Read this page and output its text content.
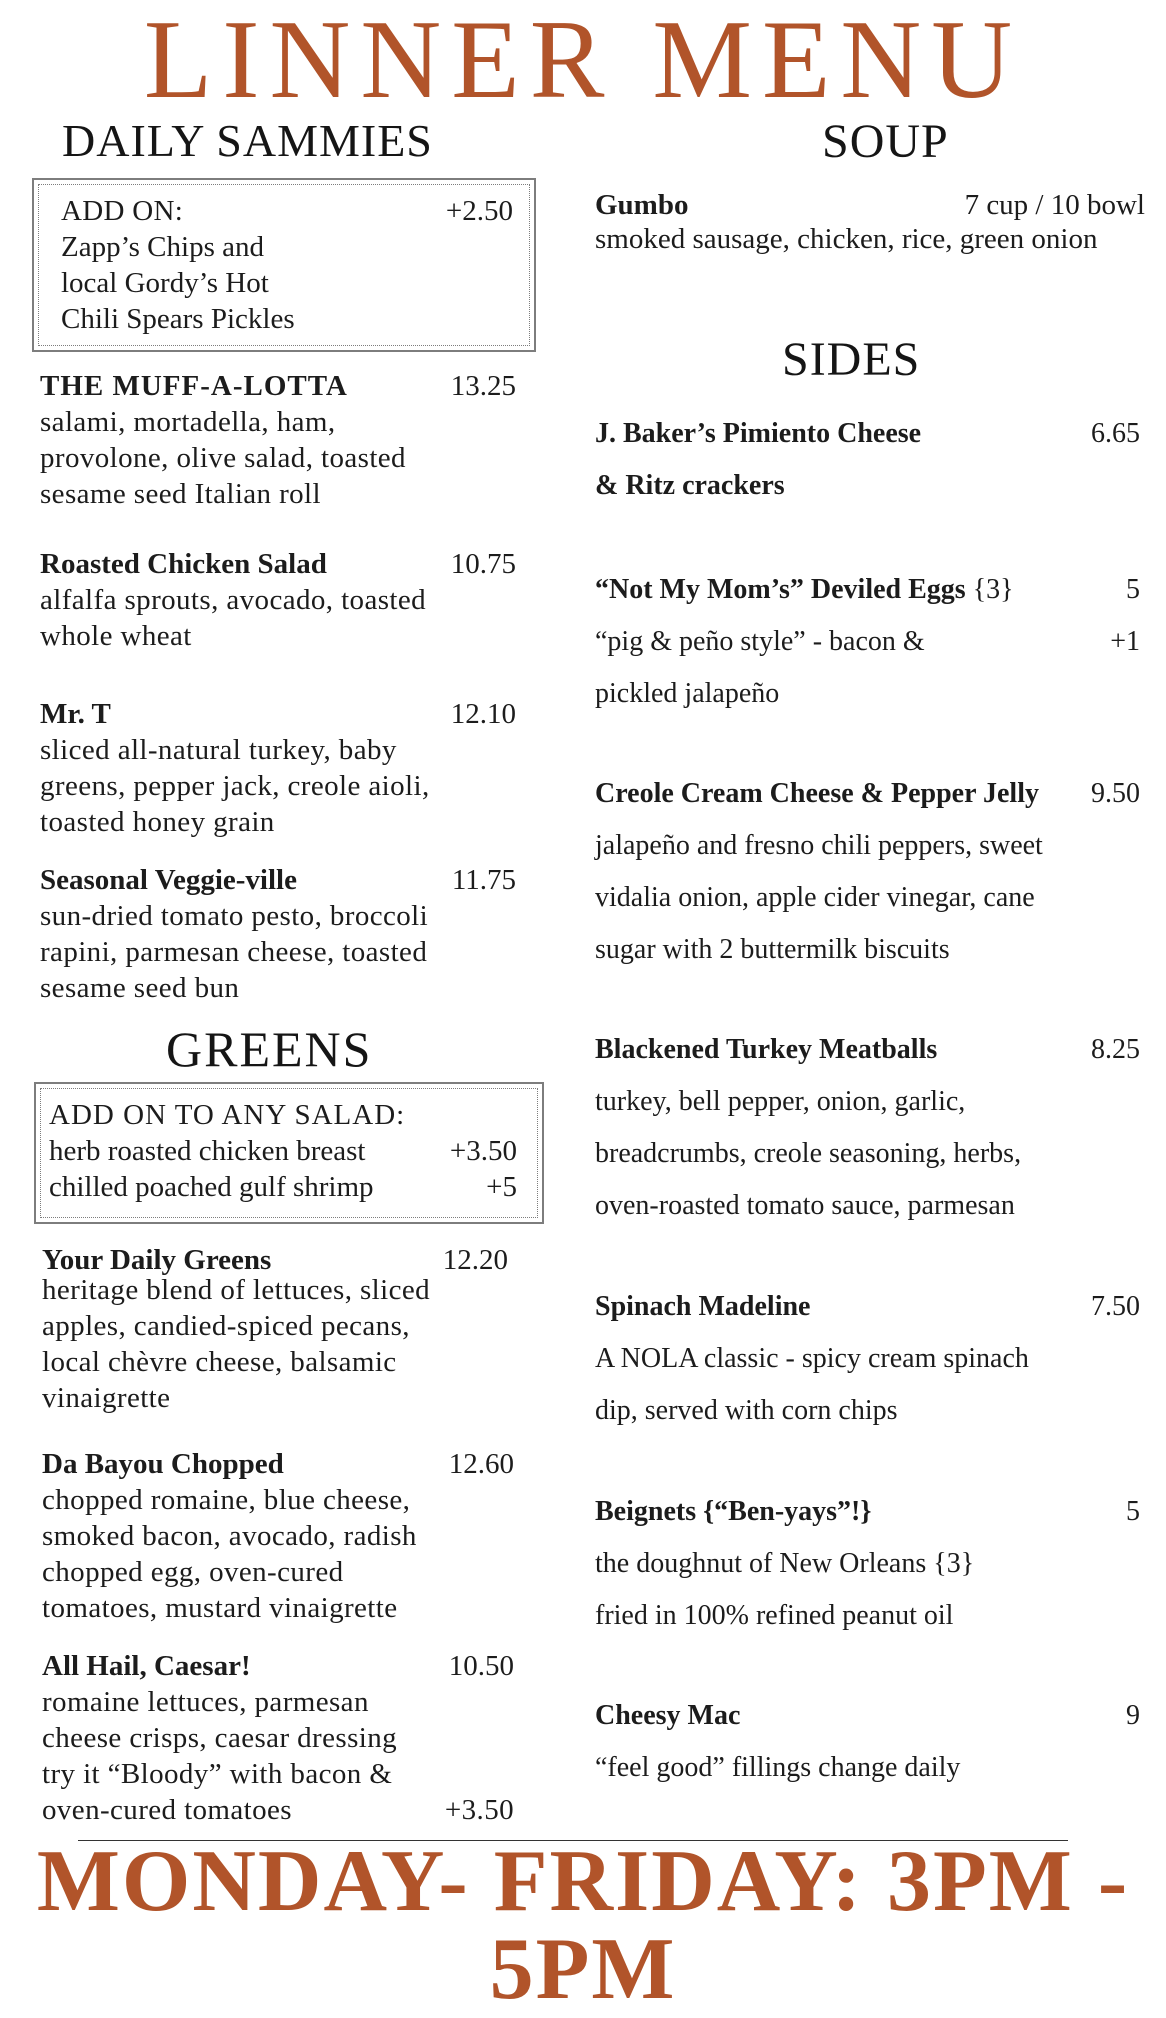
LINNER MENU
DAILY SAMMIES
ADD ON:	+2.50
Zapp’s Chips and
local Gordy’s Hot
Chili Spears Pickles
THE MUFF-A-LOTTA	13.25
salami, mortadella, ham,
provolone, olive salad, toasted
sesame seed Italian roll
Roasted Chicken Salad	10.75
alfalfa sprouts, avocado, toasted
whole wheat
Mr. T	12.10
sliced all-natural turkey, baby
greens, pepper jack, creole aioli,
toasted honey grain
Seasonal Veggie-ville	11.75
sun-dried tomato pesto, broccoli
rapini, parmesan cheese, toasted
sesame seed bun
GREENS
ADD ON TO ANY SALAD:
herb roasted chicken breast	+3.50
chilled poached gulf shrimp	+5
Your Daily Greens	12.20
heritage blend of lettuces, sliced
apples, candied-spiced pecans,
local chèvre cheese, balsamic
vinaigrette
Da Bayou Chopped	12.60
chopped romaine, blue cheese,
smoked bacon, avocado, radish
chopped egg, oven-cured
tomatoes, mustard vinaigrette
All Hail, Caesar!	10.50
romaine lettuces, parmesan
cheese crisps, caesar dressing
try it “Bloody” with bacon &
oven-cured tomatoes	+3.50
SOUP
Gumbo	7 cup / 10 bowl
smoked sausage, chicken, rice, green onion
SIDES
J. Baker’s Pimiento Cheese	6.65
& Ritz crackers
“Not My Mom’s” Deviled Eggs {3}	5
“pig & peño style” - bacon &	+1
pickled jalapeño
Creole Cream Cheese & Pepper Jelly 9.50
jalapeño and fresno chili peppers, sweet
vidalia onion, apple cider vinegar, cane
sugar with 2 buttermilk biscuits
Blackened Turkey Meatballs	8.25
turkey, bell pepper, onion, garlic,
breadcrumbs, creole seasoning, herbs,
oven-roasted tomato sauce, parmesan
Spinach Madeline	7.50
A NOLA classic - spicy cream spinach
dip, served with corn chips
Beignets {“Ben-yays”!}	5
the doughnut of New Orleans {3}
fried in 100% refined peanut oil
Cheesy Mac	9
“feel good” fillings change daily
MONDAY- FRIDAY: 3PM - 5PM
